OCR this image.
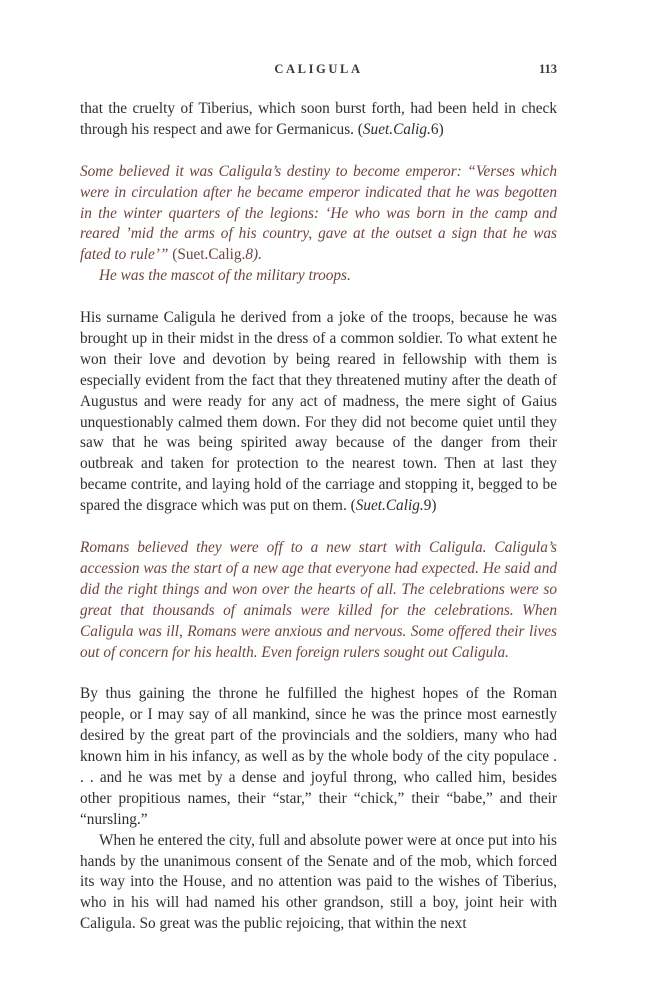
CALIGULA	113

that the cruelty of Tiberius, which soon burst forth, had been held in check through his respect and awe for Germanicus. (Suet.Calig.6)

Some believed it was Caligula’s destiny to become emperor: “Verses which were in circulation after he became emperor indicated that he was begotten in the winter quarters of the legions: ‘He who was born in the camp and reared ’mid the arms of his country, gave at the outset a sign that he was fated to rule’” (Suet.Calig.8).

He was the mascot of the military troops.

His surname Caligula he derived from a joke of the troops, because he was brought up in their midst in the dress of a common soldier. To what extent he won their love and devotion by being reared in fellowship with them is especially evident from the fact that they threatened mutiny after the death of Augustus and were ready for any act of madness, the mere sight of Gaius unquestionably calmed them down. For they did not become quiet until they saw that he was being spirited away because of the danger from their outbreak and taken for protection to the nearest town. Then at last they became contrite, and laying hold of the carriage and stopping it, begged to be spared the disgrace which was put on them. (Suet.Calig.9)

Romans believed they were off to a new start with Caligula. Caligula’s accession was the start of a new age that everyone had expected. He said and did the right things and won over the hearts of all. The celebrations were so great that thousands of animals were killed for the celebrations. When Caligula was ill, Romans were anxious and nervous. Some offered their lives out of concern for his health. Even foreign rulers sought out Caligula.

By thus gaining the throne he fulfilled the highest hopes of the Roman people, or I may say of all mankind, since he was the prince most earnestly desired by the great part of the provincials and the soldiers, many who had known him in his infancy, as well as by the whole body of the city populace . . . and he was met by a dense and joyful throng, who called him, besides other propitious names, their “star,” their “chick,” their “babe,” and their “nursling.”

When he entered the city, full and absolute power were at once put into his hands by the unanimous consent of the Senate and of the mob, which forced its way into the House, and no attention was paid to the wishes of Tiberius, who in his will had named his other grandson, still a boy, joint heir with Caligula. So great was the public rejoicing, that within the next
